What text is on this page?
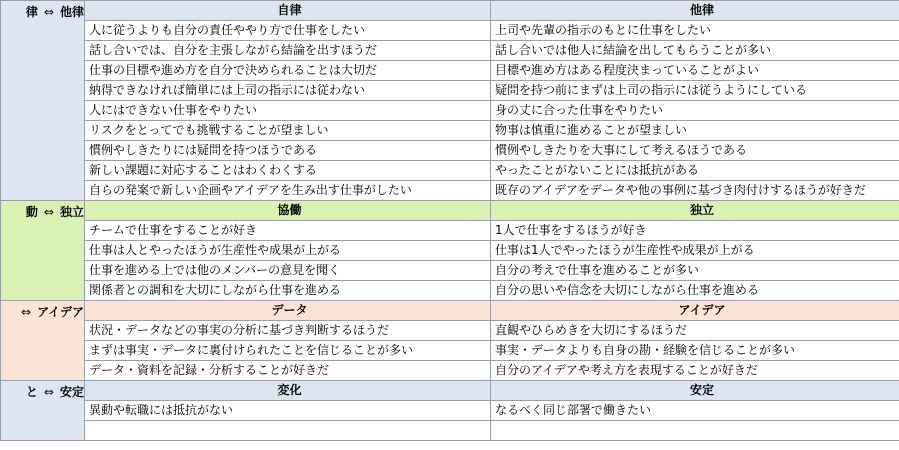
律 ⇔ 他律	自律	他律
	人に従うよりも自分の責任ややり方で仕事をしたい	上司や先輩の指示のもとに仕事をしたい
	話し合いでは、自分を主張しながら結論を出すほうだ	話し合いでは他人に結論を出してもらうことが多い
	仕事の目標や進め方を自分で決められることは大切だ	目標や進め方はある程度決まっていることがよい
	納得できなければ簡単には上司の指示には従わない	疑問を持つ前にまずは上司の指示には従うようにしている
	人にはできない仕事をやりたい	身の丈に合った仕事をやりたい
	リスクをとってでも挑戦することが望ましい	物事は慎重に進めることが望ましい
	慣例やしきたりには疑問を持つほうである	慣例やしきたりを大事にして考えるほうである
	新しい課題に対応することはわくわくする	やったことがないことには抵抗がある
	自らの発案で新しい企画やアイデアを生み出す仕事がしたい	既存のアイデアをデータや他の事例に基づき肉付けするほうが好きだ
動 ⇔ 独立	協働	独立
	チームで仕事をすることが好き	1人で仕事をするほうが好き
	仕事は人とやったほうが生産性や成果が上がる	仕事は1人でやったほうが生産性や成果が上がる
	仕事を進める上では他のメンバーの意見を聞く	自分の考えで仕事を進めることが多い
	関係者との調和を大切にしながら仕事を進める	自分の思いや信念を大切にしながら仕事を進める
⇔ アイデア	データ	アイデア
	状況・データなどの事実の分析に基づき判断するほうだ	直観やひらめきを大切にするほうだ
	まずは事実・データに裏付けられたことを信じることが多い	事実・データよりも自身の勘・経験を信じることが多い
	データ・資料を記録・分析することが好きだ	自分のアイデアや考え方を表現することが好きだ
と ⇔ 安定	変化	安定
	異動や転職には抵抗がない	なるべく同じ部署で働きたい
